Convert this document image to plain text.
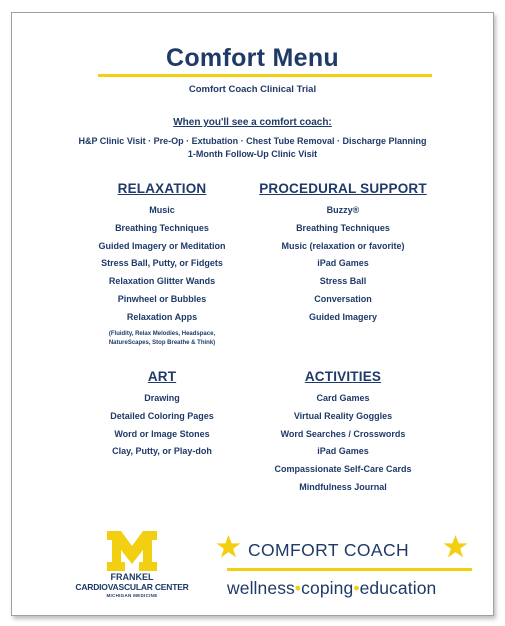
Comfort Menu
Comfort Coach Clinical Trial
When you'll see a comfort coach:
H&P Clinic Visit · Pre-Op · Extubation · Chest Tube Removal · Discharge Planning
1-Month Follow-Up Clinic Visit
RELAXATION
Music
Breathing Techniques
Guided Imagery or Meditation
Stress Ball, Putty, or Fidgets
Relaxation Glitter Wands
Pinwheel or Bubbles
Relaxation Apps
(Fluidity, Relax Melodies, Headspace,
NatureScapes, Stop Breathe & Think)
PROCEDURAL SUPPORT
Buzzy®
Breathing Techniques
Music (relaxation or favorite)
iPad Games
Stress Ball
Conversation
Guided Imagery
ART
Drawing
Detailed Coloring Pages
Word or Image Stones
Clay, Putty, or Play-doh
ACTIVITIES
Card Games
Virtual Reality Goggles
Word Searches / Crosswords
iPad Games
Compassionate Self-Care Cards
Mindfulness Journal
FRANKEL
CARDIOVASCULAR CENTER
MICHIGAN MEDICINE
COMFORT COACH
wellness•coping•education
